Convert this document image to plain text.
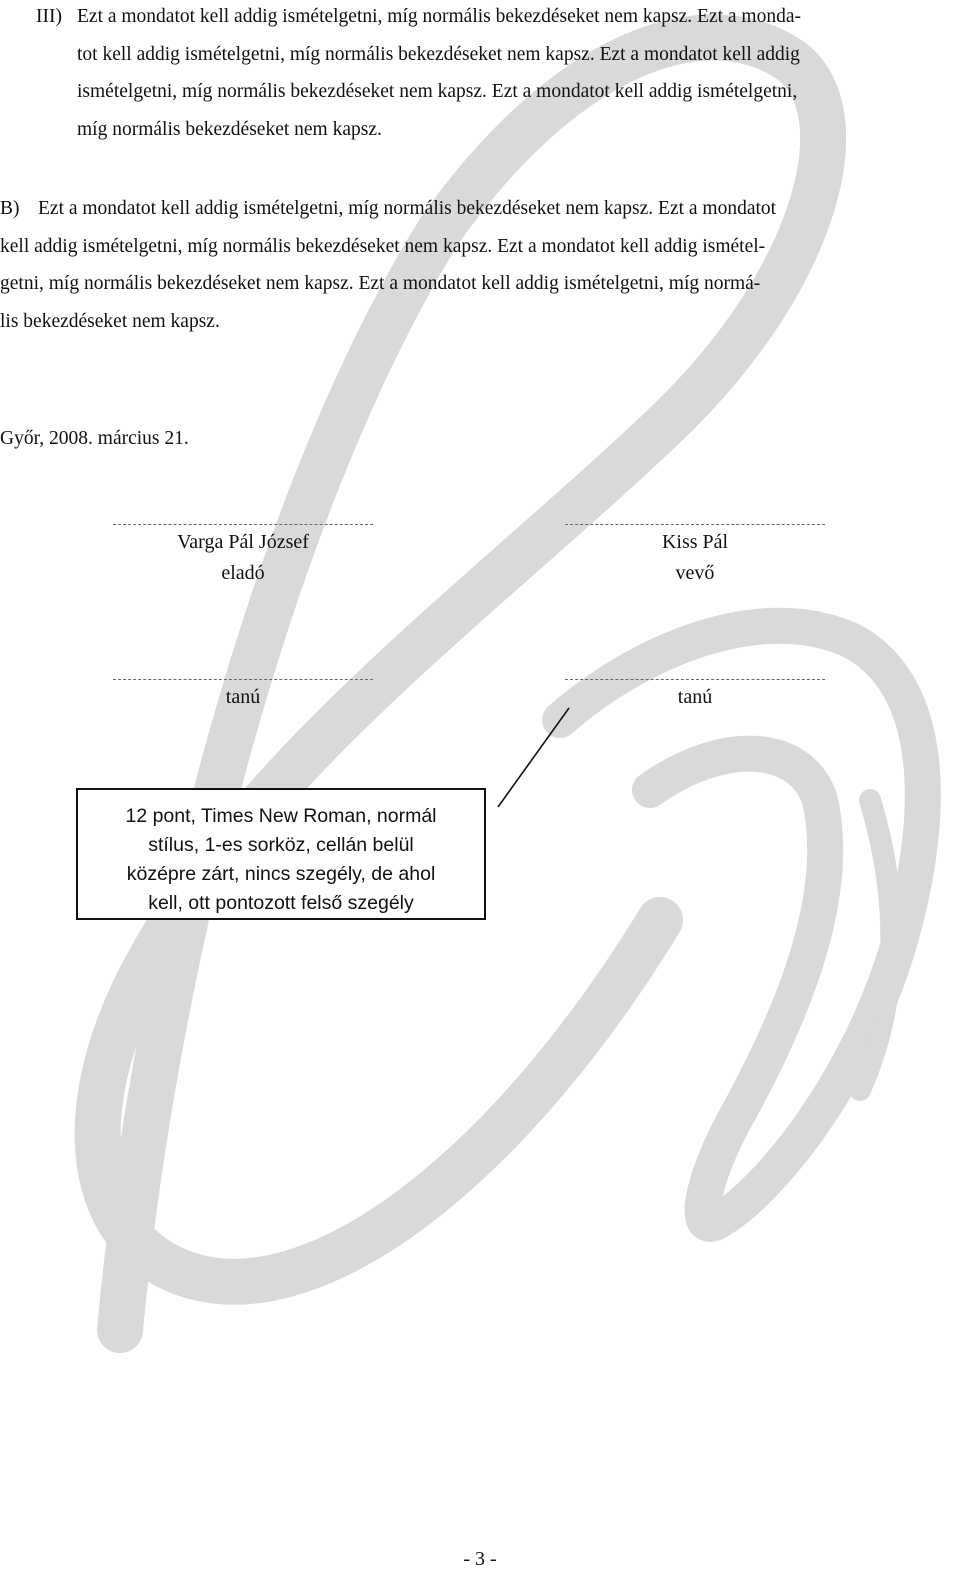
III) Ezt a mondatot kell addig ismételgetni, míg normális bekezdéseket nem kapsz. Ezt a monda-
tot kell addig ismételgetni, míg normális bekezdéseket nem kapsz. Ezt a mondatot kell addig
ismételgetni, míg normális bekezdéseket nem kapsz. Ezt a mondatot kell addig ismételgetni,
míg normális bekezdéseket nem kapsz.

B) Ezt a mondatot kell addig ismételgetni, míg normális bekezdéseket nem kapsz. Ezt a mondatot
kell addig ismételgetni, míg normális bekezdéseket nem kapsz. Ezt a mondatot kell addig ismétel-
getni, míg normális bekezdéseket nem kapsz. Ezt a mondatot kell addig ismételgetni, míg normá-
lis bekezdéseket nem kapsz.

Győr, 2008. március 21.
Varga Pál József
eladó
Kiss Pál
vevő
tanú	tanú
12 pont, Times New Roman, normál
stílus, 1-es sorköz, cellán belül
középre zárt, nincs szegély, de ahol
kell, ott pontozott felső szegély
- 3 -
